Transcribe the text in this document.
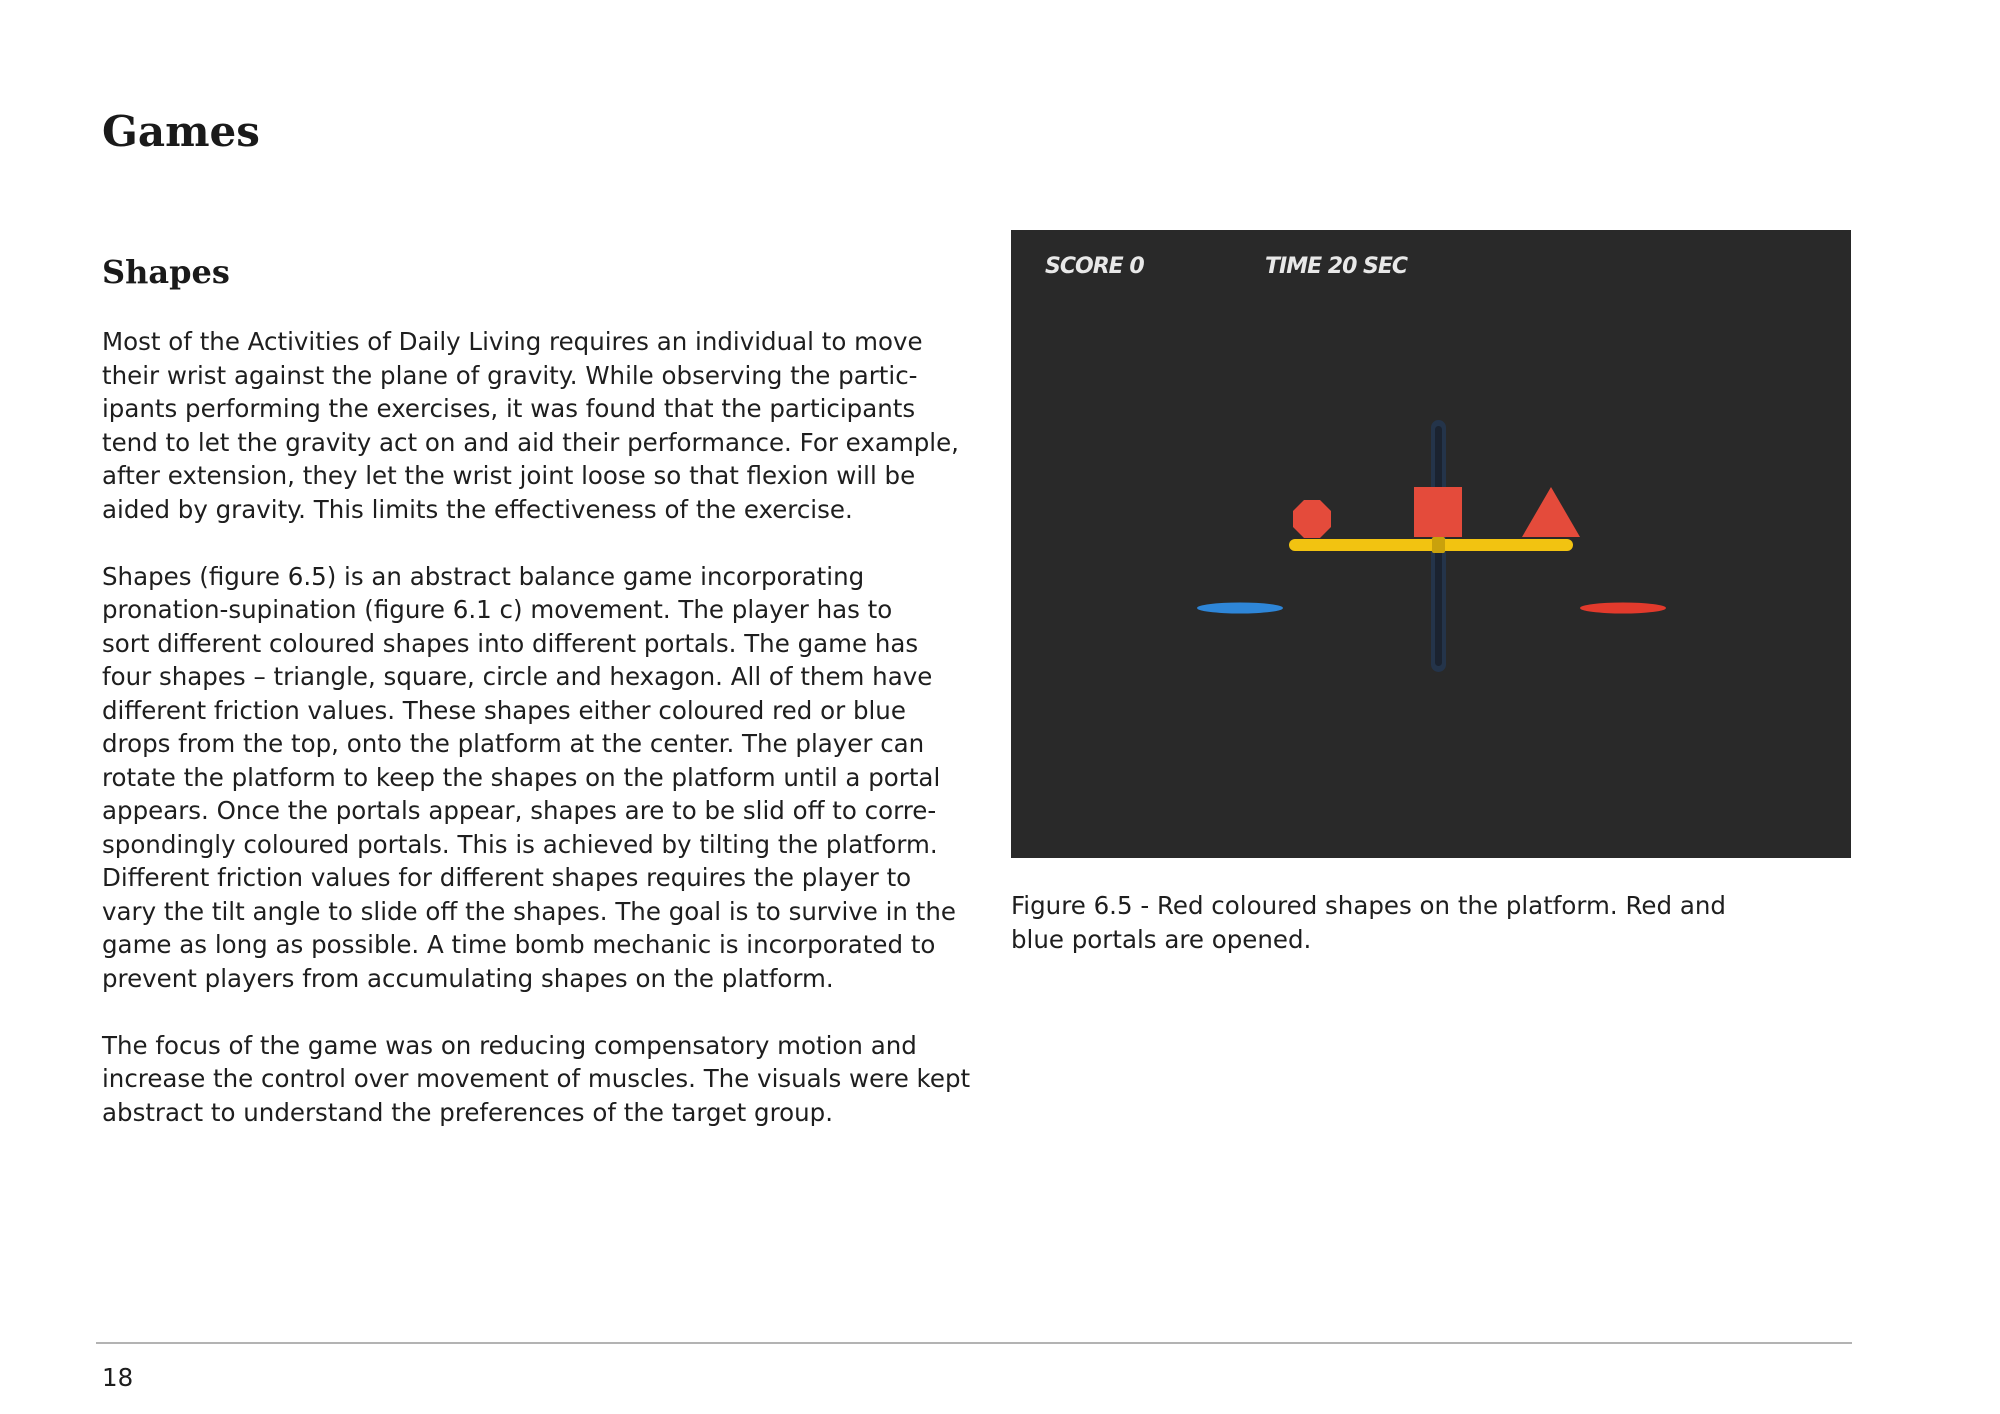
Games
Shapes

Most of the Activities of Daily Living requires an individual to move
their wrist against the plane of gravity. While observing the partic-
ipants performing the exercises, it was found that the participants
tend to let the gravity act on and aid their performance. For example,
after extension, they let the wrist joint loose so that flexion will be
aided by gravity. This limits the effectiveness of the exercise.

Shapes (figure 6.5) is an abstract balance game incorporating
pronation-supination (figure 6.1 c) movement. The player has to
sort different coloured shapes into different portals. The game has
four shapes – triangle, square, circle and hexagon. All of them have
different friction values. These shapes either coloured red or blue
drops from the top, onto the platform at the center. The player can
rotate the platform to keep the shapes on the platform until a portal
appears. Once the portals appear, shapes are to be slid off to corre-
spondingly coloured portals. This is achieved by tilting the platform.
Different friction values for different shapes requires the player to
vary the tilt angle to slide off the shapes. The goal is to survive in the
game as long as possible. A time bomb mechanic is incorporated to
prevent players from accumulating shapes on the platform.

The focus of the game was on reducing compensatory motion and
increase the control over movement of muscles. The visuals were kept
abstract to understand the preferences of the target group.

SCORE 0	TIME 20 SEC

Figure 6.5 - Red coloured shapes on the platform. Red and
blue portals are opened.

18
